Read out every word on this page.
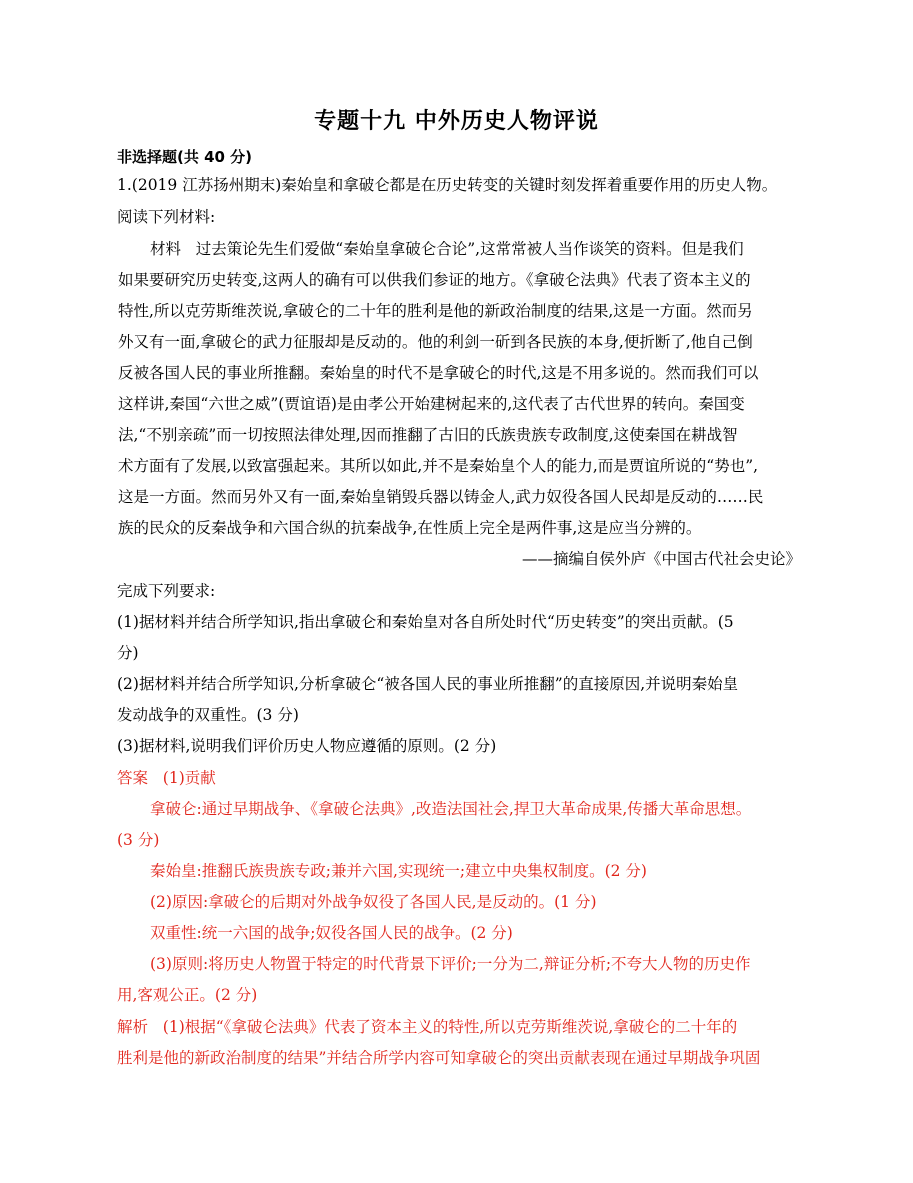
专题十九 中外历史人物评说
非选择题(共 40 分)
1.(2019 江苏扬州期末)秦始皇和拿破仑都是在历史转变的关键时刻发挥着重要作用的历史人物。
阅读下列材料:
材料 过去策论先生们爱做“秦始皇拿破仑合论”,这常常被人当作谈笑的资料。但是我们
如果要研究历史转变,这两人的确有可以供我们参证的地方。《拿破仑法典》代表了资本主义的
特性,所以克劳斯维茨说,拿破仑的二十年的胜利是他的新政治制度的结果,这是一方面。然而另
外又有一面,拿破仑的武力征服却是反动的。他的利剑一斫到各民族的本身,便折断了,他自己倒
反被各国人民的事业所推翻。秦始皇的时代不是拿破仑的时代,这是不用多说的。然而我们可以
这样讲,秦国“六世之威”(贾谊语)是由孝公开始建树起来的,这代表了古代世界的转向。秦国变
法,“不别亲疏”而一切按照法律处理,因而推翻了古旧的氏族贵族专政制度,这使秦国在耕战智
术方面有了发展,以致富强起来。其所以如此,并不是秦始皇个人的能力,而是贾谊所说的“势也”,
这是一方面。然而另外又有一面,秦始皇销毁兵器以铸金人,武力奴役各国人民却是反动的……民
族的民众的反秦战争和六国合纵的抗秦战争,在性质上完全是两件事,这是应当分辨的。
——摘编自侯外庐《中国古代社会史论》
完成下列要求:
(1)据材料并结合所学知识,指出拿破仑和秦始皇对各自所处时代“历史转变”的突出贡献。(5
分)
(2)据材料并结合所学知识,分析拿破仑“被各国人民的事业所推翻”的直接原因,并说明秦始皇
发动战争的双重性。(3 分)
(3)据材料,说明我们评价历史人物应遵循的原则。(2 分)
答案 (1)贡献
拿破仑:通过早期战争、《拿破仑法典》,改造法国社会,捍卫大革命成果,传播大革命思想。
(3 分)
秦始皇:推翻氏族贵族专政;兼并六国,实现统一;建立中央集权制度。(2 分)
(2)原因:拿破仑的后期对外战争奴役了各国人民,是反动的。(1 分)
双重性:统一六国的战争;奴役各国人民的战争。(2 分)
(3)原则:将历史人物置于特定的时代背景下评价;一分为二,辩证分析;不夸大人物的历史作
用,客观公正。(2 分)
解析 (1)根据“《拿破仑法典》代表了资本主义的特性,所以克劳斯维茨说,拿破仑的二十年的
胜利是他的新政治制度的结果”并结合所学内容可知拿破仑的突出贡献表现在通过早期战争巩固
